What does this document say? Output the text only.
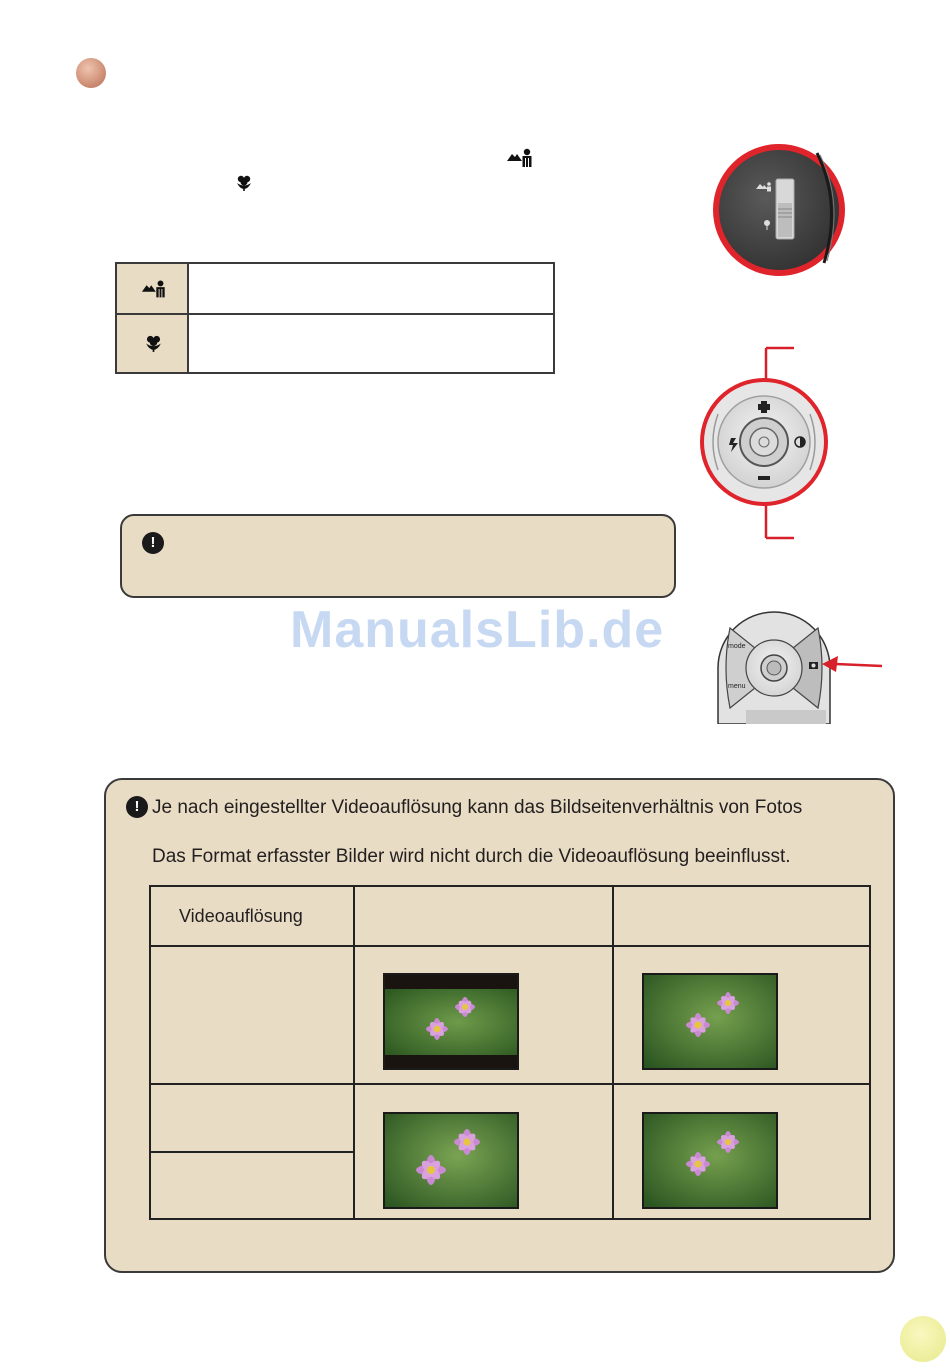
!
ManualsLib.de	mode
menu
! Je nach eingestellter Videoauflösung kann das Bildseitenverhältnis von Fotos
Das Format erfasster Bilder wird nicht durch die Videoauflösung beeinflusst.
Videoauflösung
